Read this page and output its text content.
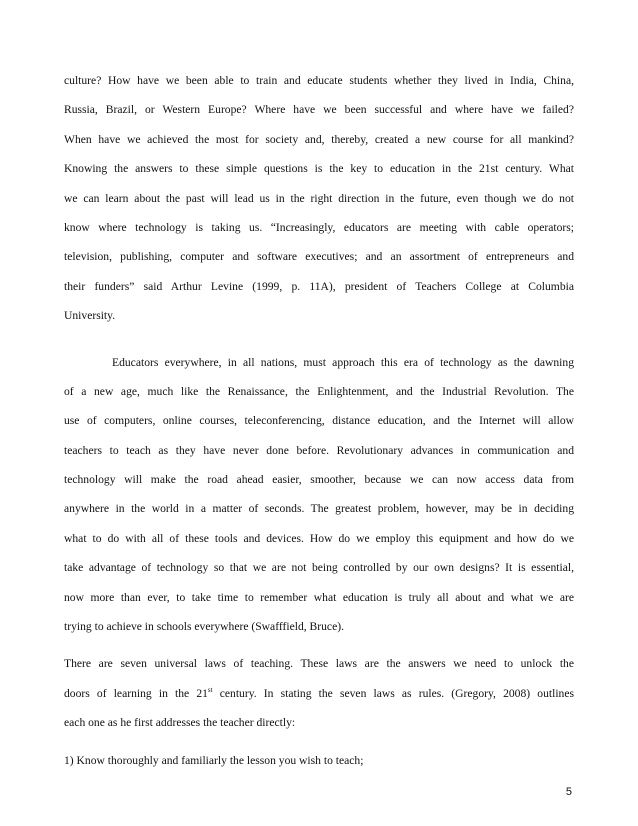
culture? How have we been able to train and educate students whether they lived in India, China,
Russia, Brazil, or Western Europe? Where have we been successful and where have we failed?
When have we achieved the most for society and, thereby, created a new course for all mankind?
Knowing the answers to these simple questions is the key to education in the 21st century. What
we can learn about the past will lead us in the right direction in the future, even though we do not
know where technology is taking us. “Increasingly, educators are meeting with cable operators;
television, publishing, computer and software executives; and an assortment of entrepreneurs and
their funders” said Arthur Levine (1999, p. 11A), president of Teachers College at Columbia
University.

Educators everywhere, in all nations, must approach this era of technology as the dawning
of a new age, much like the Renaissance, the Enlightenment, and the Industrial Revolution. The
use of computers, online courses, teleconferencing, distance education, and the Internet will allow
teachers to teach as they have never done before. Revolutionary advances in communication and
technology will make the road ahead easier, smoother, because we can now access data from
anywhere in the world in a matter of seconds. The greatest problem, however, may be in deciding
what to do with all of these tools and devices. How do we employ this equipment and how do we
take advantage of technology so that we are not being controlled by our own designs? It is essential,
now more than ever, to take time to remember what education is truly all about and what we are
trying to achieve in schools everywhere (Swafffield, Bruce).

There are seven universal laws of teaching. These laws are the answers we need to unlock the
doors of learning in the 21st century. In stating the seven laws as rules. (Gregory, 2008) outlines
each one as he first addresses the teacher directly:

1) Know thoroughly and familiarly the lesson you wish to teach;

5
